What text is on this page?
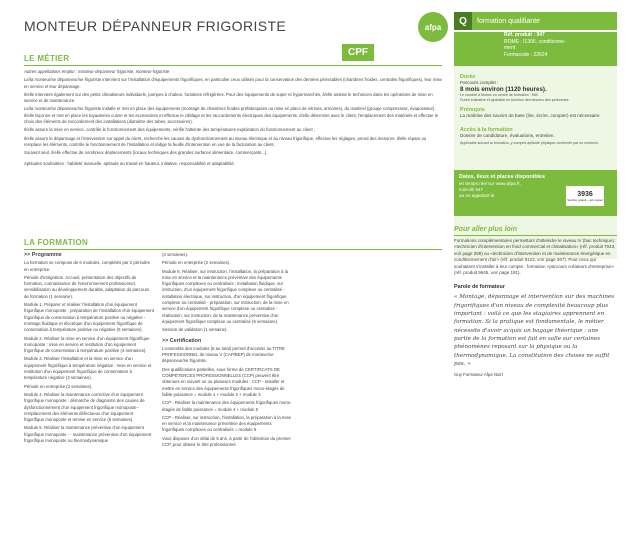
MONTEUR DÉPANNEUR FRIGORISTE	afpa
CPF
Q	formation qualifiante
Réf. produit : 947
ROME : I1306, conditionne-
ment
Formacode : 22624
LE MÉTIER

Autres appellations emploi : monteur-dépanneur frigoriste, monteur-frigoriste

Le/la monteur/se dépanneur/se frigoriste intervient sur l'installation d'équipements frigorifiques, en particulier ceux utilisés pour la conservation des denrées périssables (chambres froides, centrales frigorifiques), leur mise en service et leur dépannage.

Il/elle intervient également sur des petits climatiseurs individuels, pompes à chaleur, fontaines réfrigérées. Pour des équipements de super et hypermarchés, il/elle assiste le technicien dans les opérations de mise en service et de maintenance.

Le/la monteur/se dépanneur/se frigoriste installe et met en place des équipements (montage de chambres froides préfabriquées ou mise en place de vitrines, armoires), du matériel (groupe compresseur, évaporateur). Il/elle façonne et met en place les tuyauteries cuivre et les accessoires et effectue le câblage et les raccordements électriques des équipements. Il/elle détermine avec le client, l'emplacement des matériels et effectue le choix des éléments de raccordement des installations (diamètre des tubes, accessoires).

Il/elle assure la mise en service, contrôle le fonctionnement des équipements, vérifie l'atteinte des températures exploitation du fonctionnement au client ;

Il/elle assure le dépannage et l'intervention sur appel du client, recherche les causes de dysfonctionnement au niveau électrique et au niveau frigorifique, effectue les réglages, prend des mesures. Il/elle répare ou remplace les éléments, contrôle le fonctionnement de l'installation et rédige la feuille d'intervention en vue de la facturation au client.

Souvent seul, il/elle effectue de nombreux déplacements (locaux techniques des grandes surfaces alimentaire, commerçants...).

Aptitudes souhaitées : habileté manuelle, aptitude au travail en hauteur, initiative, responsabilité et adaptabilité.

Durée
Parcours complet :
8 mois environ (1120 heures).
Le nombre d'heures en centre de formation : 980
Durée indicative et ajustable en fonction des besoins des personnes.
Prérequis
La maîtrise des savoirs de base (lire, écrire, compter) est nécessaire.
Accès à la formation
Dossier de candidature, évaluations, entretien.
Applicable suivant la formation, y compris aptitude physique confirmée par un médecin.
Dates, lieux et places disponibles
en temps réel sur www.afpa.fr,
mot-clé 947
ou en appelant le	3936
Service gratuit + prix appel
LA FORMATION

>> Programme

La formation se compose de 6 modules, complétés par 2 périodes en entreprise.

Période d'intégration. Accueil, présentation des objectifs de formation, connaissance de l'environnement professionnel, sensibilisation au développement durable, adaptation du parcours de formation (1 semaine).

Module 1. Préparer et réaliser l'installation d'un équipement frigorifique monoposte : préparation de l'installation d'un équipement frigorifique de conservation à température positive ou négative - montage fluidique et électrique d'un équipement frigorifique de conservation à température positive ou négative (5 semaines).

Module 2. Réaliser la mise en service d'un équipement frigorifique monoposte : mise en service et restitution d'un équipement frigorifique de conservation à température positive (4 semaines).

Module 3. Réaliser l'installation et la mise en service d'un équipement frigorifique à température négative : mise en service et restitution d'un équipement frigorifique de conservation à température négative (3 semaines).

Période en entreprise (2 semaines).

Module 4. Réaliser la maintenance corrective d'un équipement frigorifique monoposte : démarche de diagnostic des causes de dysfonctionnement d'un équipement frigorifique monoposte - remplacement des éléments défectueux d'un équipement frigorifique monoposte et remise en service (5 semaines).

Module 5. Réaliser la maintenance préventive d'un équipement frigorifique monoposte : - maintenance préventive d'un équipement frigorifique monoposte ou thermodynamique

(3 semaines).

Période en entreprise (2 semaines).

Module 6. Réaliser, sur instruction, l'installation, la préparation à la mise en service et la maintenance préventive des équipements frigorifiques complexes ou centralisés : installation fluidique, sur instruction, d'un équipement frigorifique complexe ou centralisé - installation électrique, sur instruction, d'un équipement frigorifique complexe ou centralisé - préparation, sur instruction, de la mise en service d'un équipement frigorifique complexe ou centralisé - réalisation, sur instruction, de la maintenance préventive d'un équipement frigorifique complexe ou centralisé (6 semaines).

Session de validation (1 semaine).

>> Certification

L'ensemble des modules (6 au total) permet d'accéder au TITRE PROFESSIONNEL de niveau V (CAP/BEP) de monteur/se dépanneur/se frigoriste.

Des qualifications partielles, sous forme de CERTIFICATS DE COMPÉTENCES PROFESSIONNELLES (CCP) peuvent être obtenues en suivant un ou plusieurs modules : CCP - Installer et mettre en service des équipements frigorifiques mono-étagés de faible puissance = module 1 + module 2 + module 3

CCP - Réaliser la maintenance des équipements frigorifiques mono-étagés de faible puissance = module 4 + module 5

CCP - Réaliser, sur instruction, l'installation, la préparation à la mise en service et la maintenance préventive des équipements frigorifiques complexes ou centralisés = module 6

Vous disposez d'un délai de 5 ans, à partir de l'obtention du premier CCP, pour obtenir le titre professionnel.

Pour aller plus loin
Formations complémentaires permettant d'atteindre le niveau IV (bac technique) : «technicien d'intervention en froid commercial et climatisation» (réf. produit 7043, voir page 289) ou «technicien d'intervention et de maintenance énergétique en conditionnement d'air» (réf. produit 9123, voir page 267). Pour ceux qui souhaitent s'installer à leur compte : formation «parcours créateurs d'entreprise» (réf. produit 9645, voir page 181).
Parole de formateur
« Montage, dépannage et intervention sur des machines frigorifiques d'un niveau de complexité beaucoup plus important : voilà ce que les stagiaires apprennent en formation. Si la pratique est fondamentale, le métier nécessite d'avoir acquis un bagage théorique : une partie de la formation est fait en salle sur certaines phénomènes reposant sur la physique ou la thermodynamique. La constitution des choses ne suffit pas. »
Guy Formateur Afpa Niort
